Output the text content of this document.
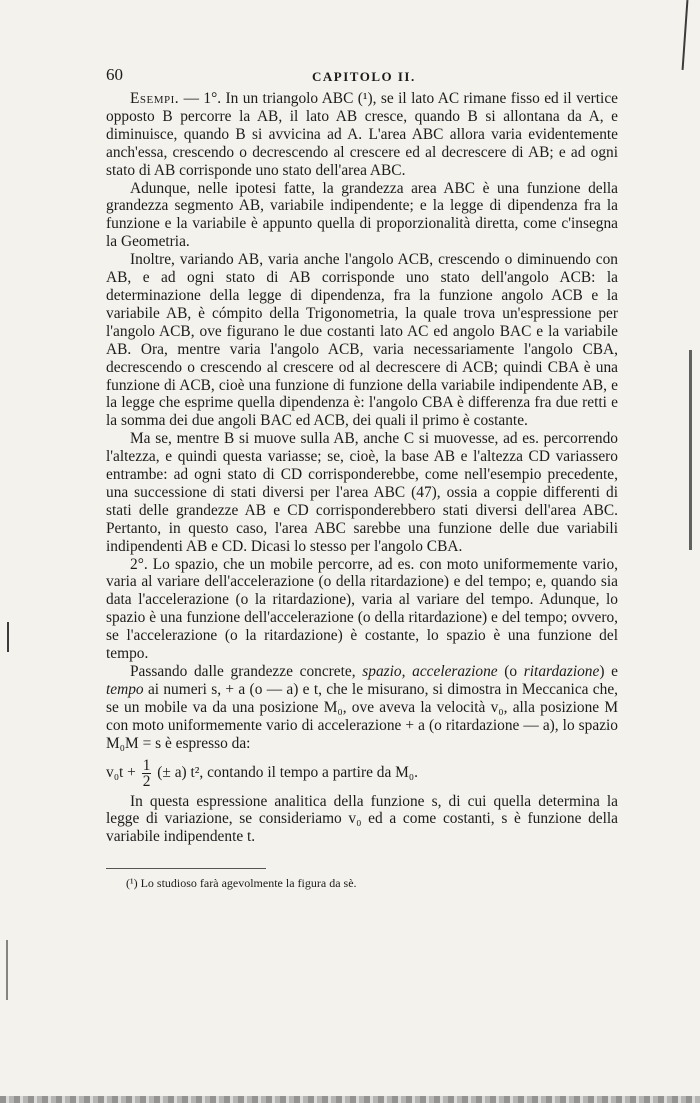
60	CAPITOLO II.

Esempi. — 1°. In un triangolo ABC (¹), se il lato AC rimane fisso ed il vertice opposto B percorre la AB, il lato AB cresce, quando B si allontana da A, e diminuisce, quando B si avvicina ad A. L'area ABC allora varia evidentemente anch'essa, crescendo o decrescendo al crescere ed al decrescere di AB; e ad ogni stato di AB corrisponde uno stato dell'area ABC.

Adunque, nelle ipotesi fatte, la grandezza area ABC è una funzione della grandezza segmento AB, variabile indipendente; e la legge di dipendenza fra la funzione e la variabile è appunto quella di proporzionalità diretta, come c'insegna la Geometria.

Inoltre, variando AB, varia anche l'angolo ACB, crescendo o diminuendo con AB, e ad ogni stato di AB corrisponde uno stato dell'angolo ACB: la determinazione della legge di dipendenza, fra la funzione angolo ACB e la variabile AB, è cómpito della Trigonometria, la quale trova un'espressione per l'angolo ACB, ove figurano le due costanti lato AC ed angolo BAC e la variabile AB. Ora, mentre varia l'angolo ACB, varia necessariamente l'angolo CBA, decrescendo o crescendo al crescere od al decrescere di ACB; quindi CBA è una funzione di ACB, cioè una funzione di funzione della variabile indipendente AB, e la legge che esprime quella dipendenza è: l'angolo CBA è differenza fra due retti e la somma dei due angoli BAC ed ACB, dei quali il primo è costante.

Ma se, mentre B si muove sulla AB, anche C si muovesse, ad es. percorrendo l'altezza, e quindi questa variasse; se, cioè, la base AB e l'altezza CD variassero entrambe: ad ogni stato di CD corrisponderebbe, come nell'esempio precedente, una successione di stati diversi per l'area ABC (47), ossia a coppie differenti di stati delle grandezze AB e CD corrisponderebbero stati diversi dell'area ABC. Pertanto, in questo caso, l'area ABC sarebbe una funzione delle due variabili indipendenti AB e CD. Dicasi lo stesso per l'angolo CBA.

2°. Lo spazio, che un mobile percorre, ad es. con moto uniformemente vario, varia al variare dell'accelerazione (o della ritardazione) e del tempo; e, quando sia data l'accelerazione (o la ritardazione), varia al variare del tempo. Adunque, lo spazio è una funzione dell'accelerazione (o della ritardazione) e del tempo; ovvero, se l'accelerazione (o la ritardazione) è costante, lo spazio è una funzione del tempo.

Passando dalle grandezze concrete, spazio, accelerazione (o ritardazione) e tempo ai numeri s, + a (o — a) e t, che le misurano, si dimostra in Meccanica che, se un mobile va da una posizione M₀, ove aveva la velocità v₀, alla posizione M con moto uniformemente vario di accelerazione + a (o ritardazione — a), lo spazio M₀M = s è espresso da:

$v_0t + \frac{1}{2}$ (± a) t², contando il tempo a partire da M₀.

In questa espressione analitica della funzione s, di cui quella determina la legge di variazione, se consideriamo v₀ ed a come costanti, s è funzione della variabile indipendente t.

(¹) Lo studioso farà agevolmente la figura da sè.
